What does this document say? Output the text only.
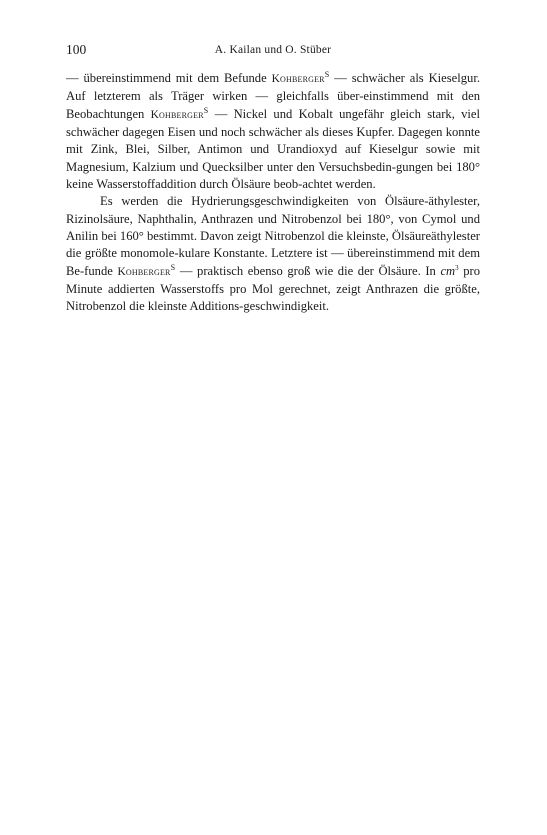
100	A. Kailan und O. Stüber

— übereinstimmend mit dem Befunde Kohberger$^s$ — schwächer als Kieselgur. Auf letzterem als Träger wirken — gleichfalls über-einstimmend mit den Beobachtungen Kohberger$^s$ — Nickel und Kobalt ungefähr gleich stark, viel schwächer dagegen Eisen und noch schwächer als dieses Kupfer. Dagegen konnte mit Zink, Blei, Silber, Antimon und Urandioxyd auf Kieselgur sowie mit Magnesium, Kalzium und Quecksilber unter den Versuchsbedin-gungen bei 180° keine Wasserstoffaddition durch Ölsäure beob-achtet werden.

Es werden die Hydrierungsgeschwindigkeiten von Ölsäure-äthylester, Rizinolsäure, Naphthalin, Anthrazen und Nitrobenzol bei 180°, von Cymol und Anilin bei 160° bestimmt. Davon zeigt Nitrobenzol die kleinste, Ölsäureäthylester die größte monomole-kulare Konstante. Letztere ist — übereinstimmend mit dem Be-funde Kohberger$^s$ — praktisch ebenso groß wie die der Ölsäure. In $cm^3$ pro Minute addierten Wasserstoffs pro Mol gerechnet, zeigt Anthrazen die größte, Nitrobenzol die kleinste Additions-geschwindigkeit.
